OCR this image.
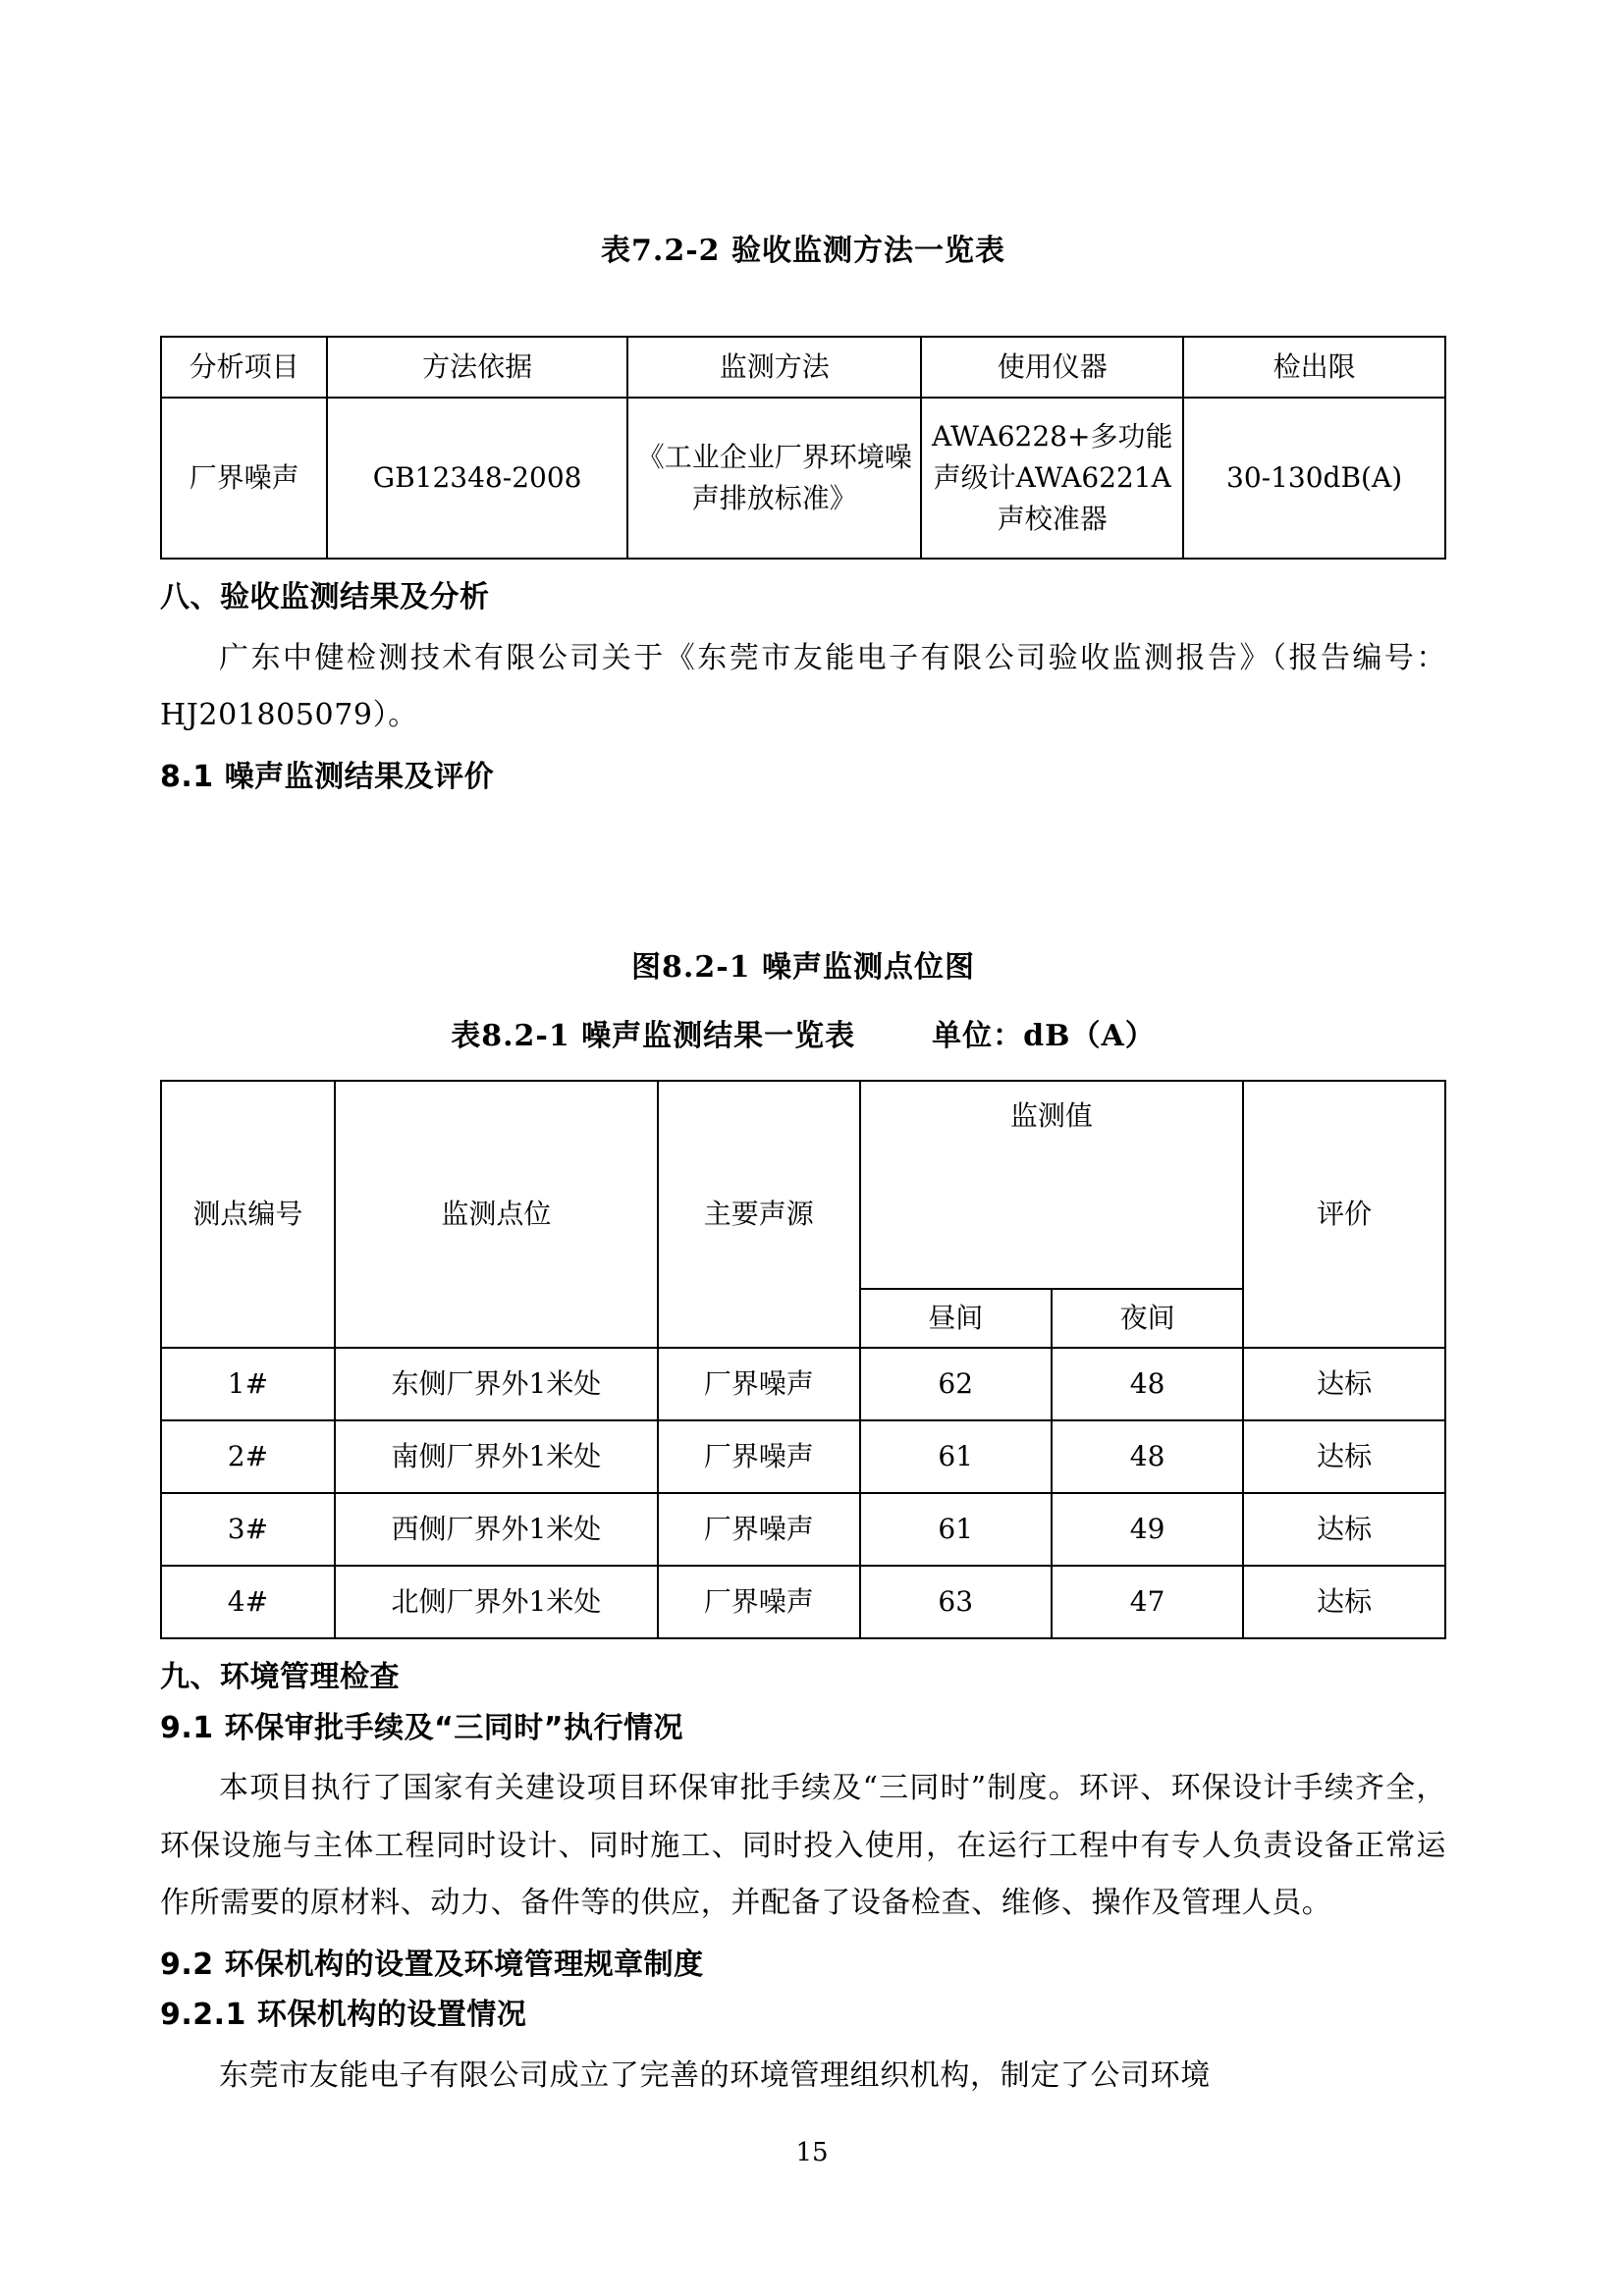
表7.2-2 验收监测方法一览表
分析项目	方法依据	监测方法	使用仪器	检出限
厂界噪声	GB12348-2008	《工业企业厂界环境噪声排放标准》	AWA6228+多功能声级计AWA6221A声校准器	30-130dB(A)
八、验收监测结果及分析

广东中健检测技术有限公司关于《东莞市友能电子有限公司验收监测报告》（报告编号：HJ201805079）。

8.1 噪声监测结果及评价
图8.2-1 噪声监测点位图
表8.2-1 噪声监测结果一览表	单位：dB（A）
测点编号	监测点位	主要声源	监测值		评价
			昼间	夜间	
1#	东侧厂界外1米处	厂界噪声	62	48	达标
2#	南侧厂界外1米处	厂界噪声	61	48	达标
3#	西侧厂界外1米处	厂界噪声	61	49	达标
4#	北侧厂界外1米处	厂界噪声	63	47	达标
九、环境管理检查
9.1 环保审批手续及“三同时”执行情况

本项目执行了国家有关建设项目环保审批手续及“三同时”制度。环评、环保设计手续齐全，环保设施与主体工程同时设计、同时施工、同时投入使用，在运行工程中有专人负责设备正常运作所需要的原材料、动力、备件等的供应，并配备了设备检查、维修、操作及管理人员。

9.2 环保机构的设置及环境管理规章制度
9.2.1 环保机构的设置情况

东莞市友能电子有限公司成立了完善的环境管理组织机构，制定了公司环境

15
